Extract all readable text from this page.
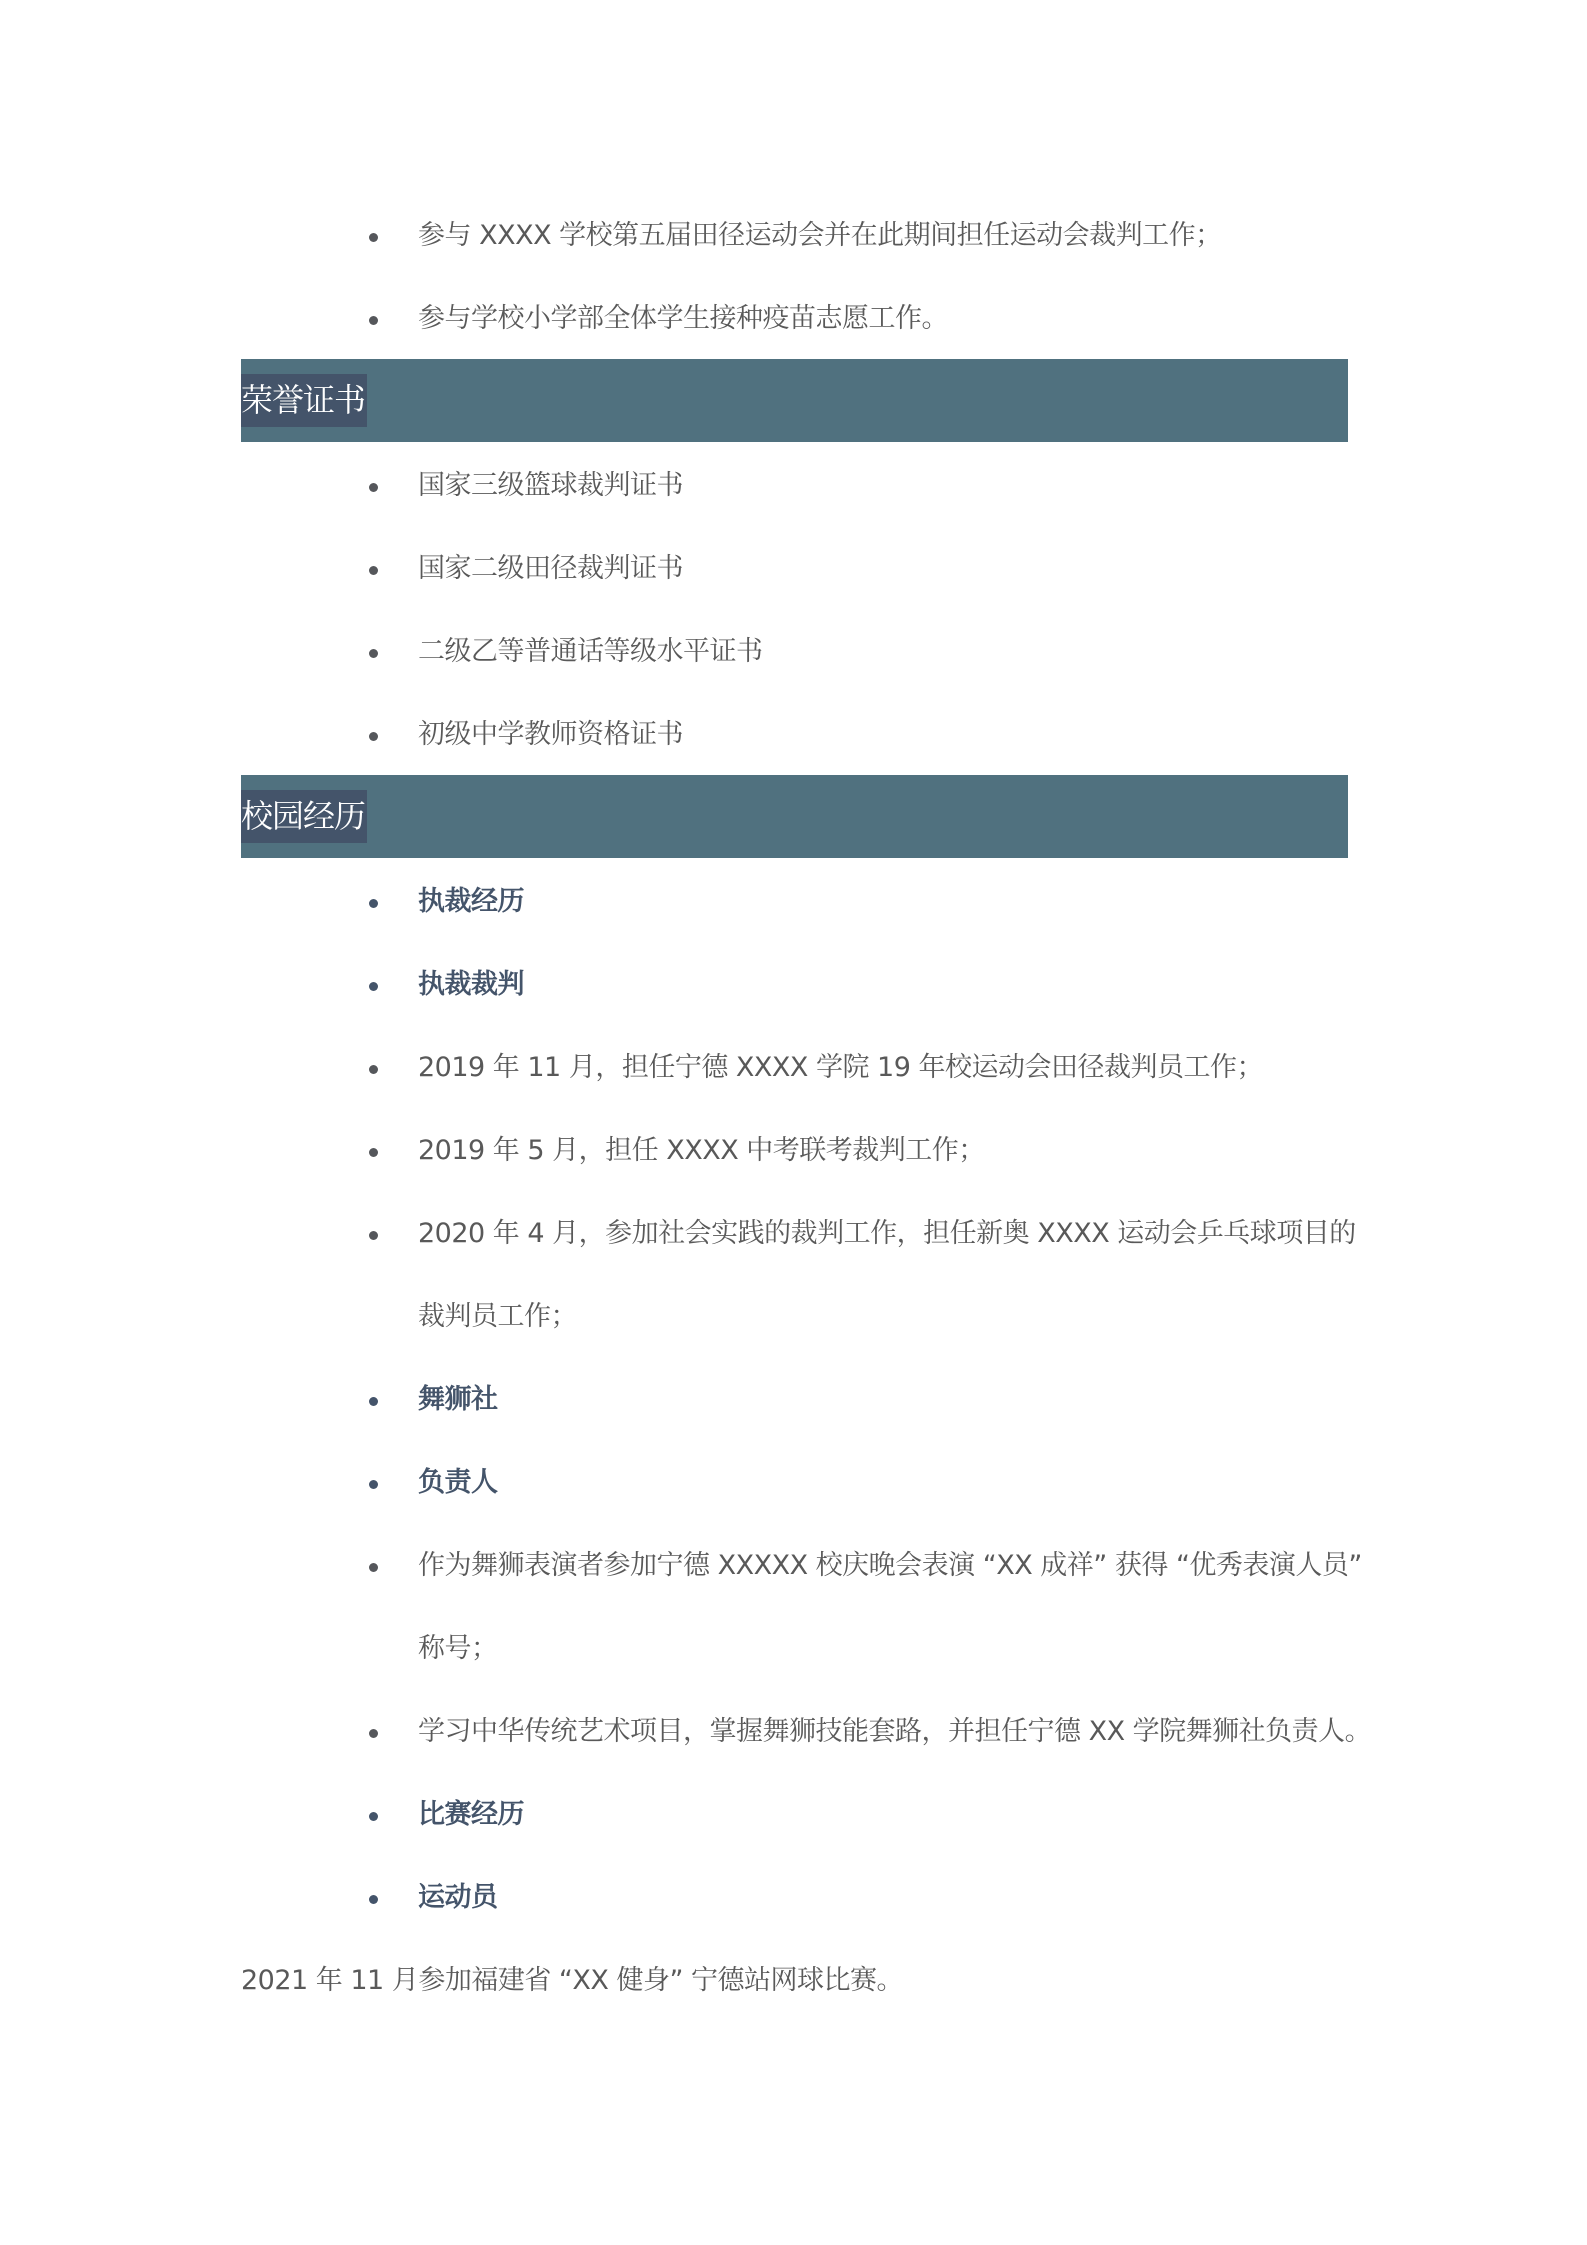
参与 XXXX 学校第五届田径运动会并在此期间担任运动会裁判工作；
参与学校小学部全体学生接种疫苗志愿工作。
荣誉证书
国家三级篮球裁判证书
国家二级田径裁判证书
二级乙等普通话等级水平证书
初级中学教师资格证书
校园经历
执裁经历
执裁裁判
2019 年 11 月，担任宁德 XXXX 学院 19 年校运动会田径裁判员工作；
2019 年 5 月，担任 XXXX 中考联考裁判工作；
2020 年 4 月，参加社会实践的裁判工作，担任新奥 XXXX 运动会乒乓球项目的
裁判员工作；
舞狮社
负责人
作为舞狮表演者参加宁德 XXXXX 校庆晚会表演 “XX 成祥” 获得 “优秀表演人员”
称号；
学习中华传统艺术项目，掌握舞狮技能套路，并担任宁德 XX 学院舞狮社负责人。
比赛经历
运动员
2021 年 11 月参加福建省 “XX 健身” 宁德站网球比赛。
